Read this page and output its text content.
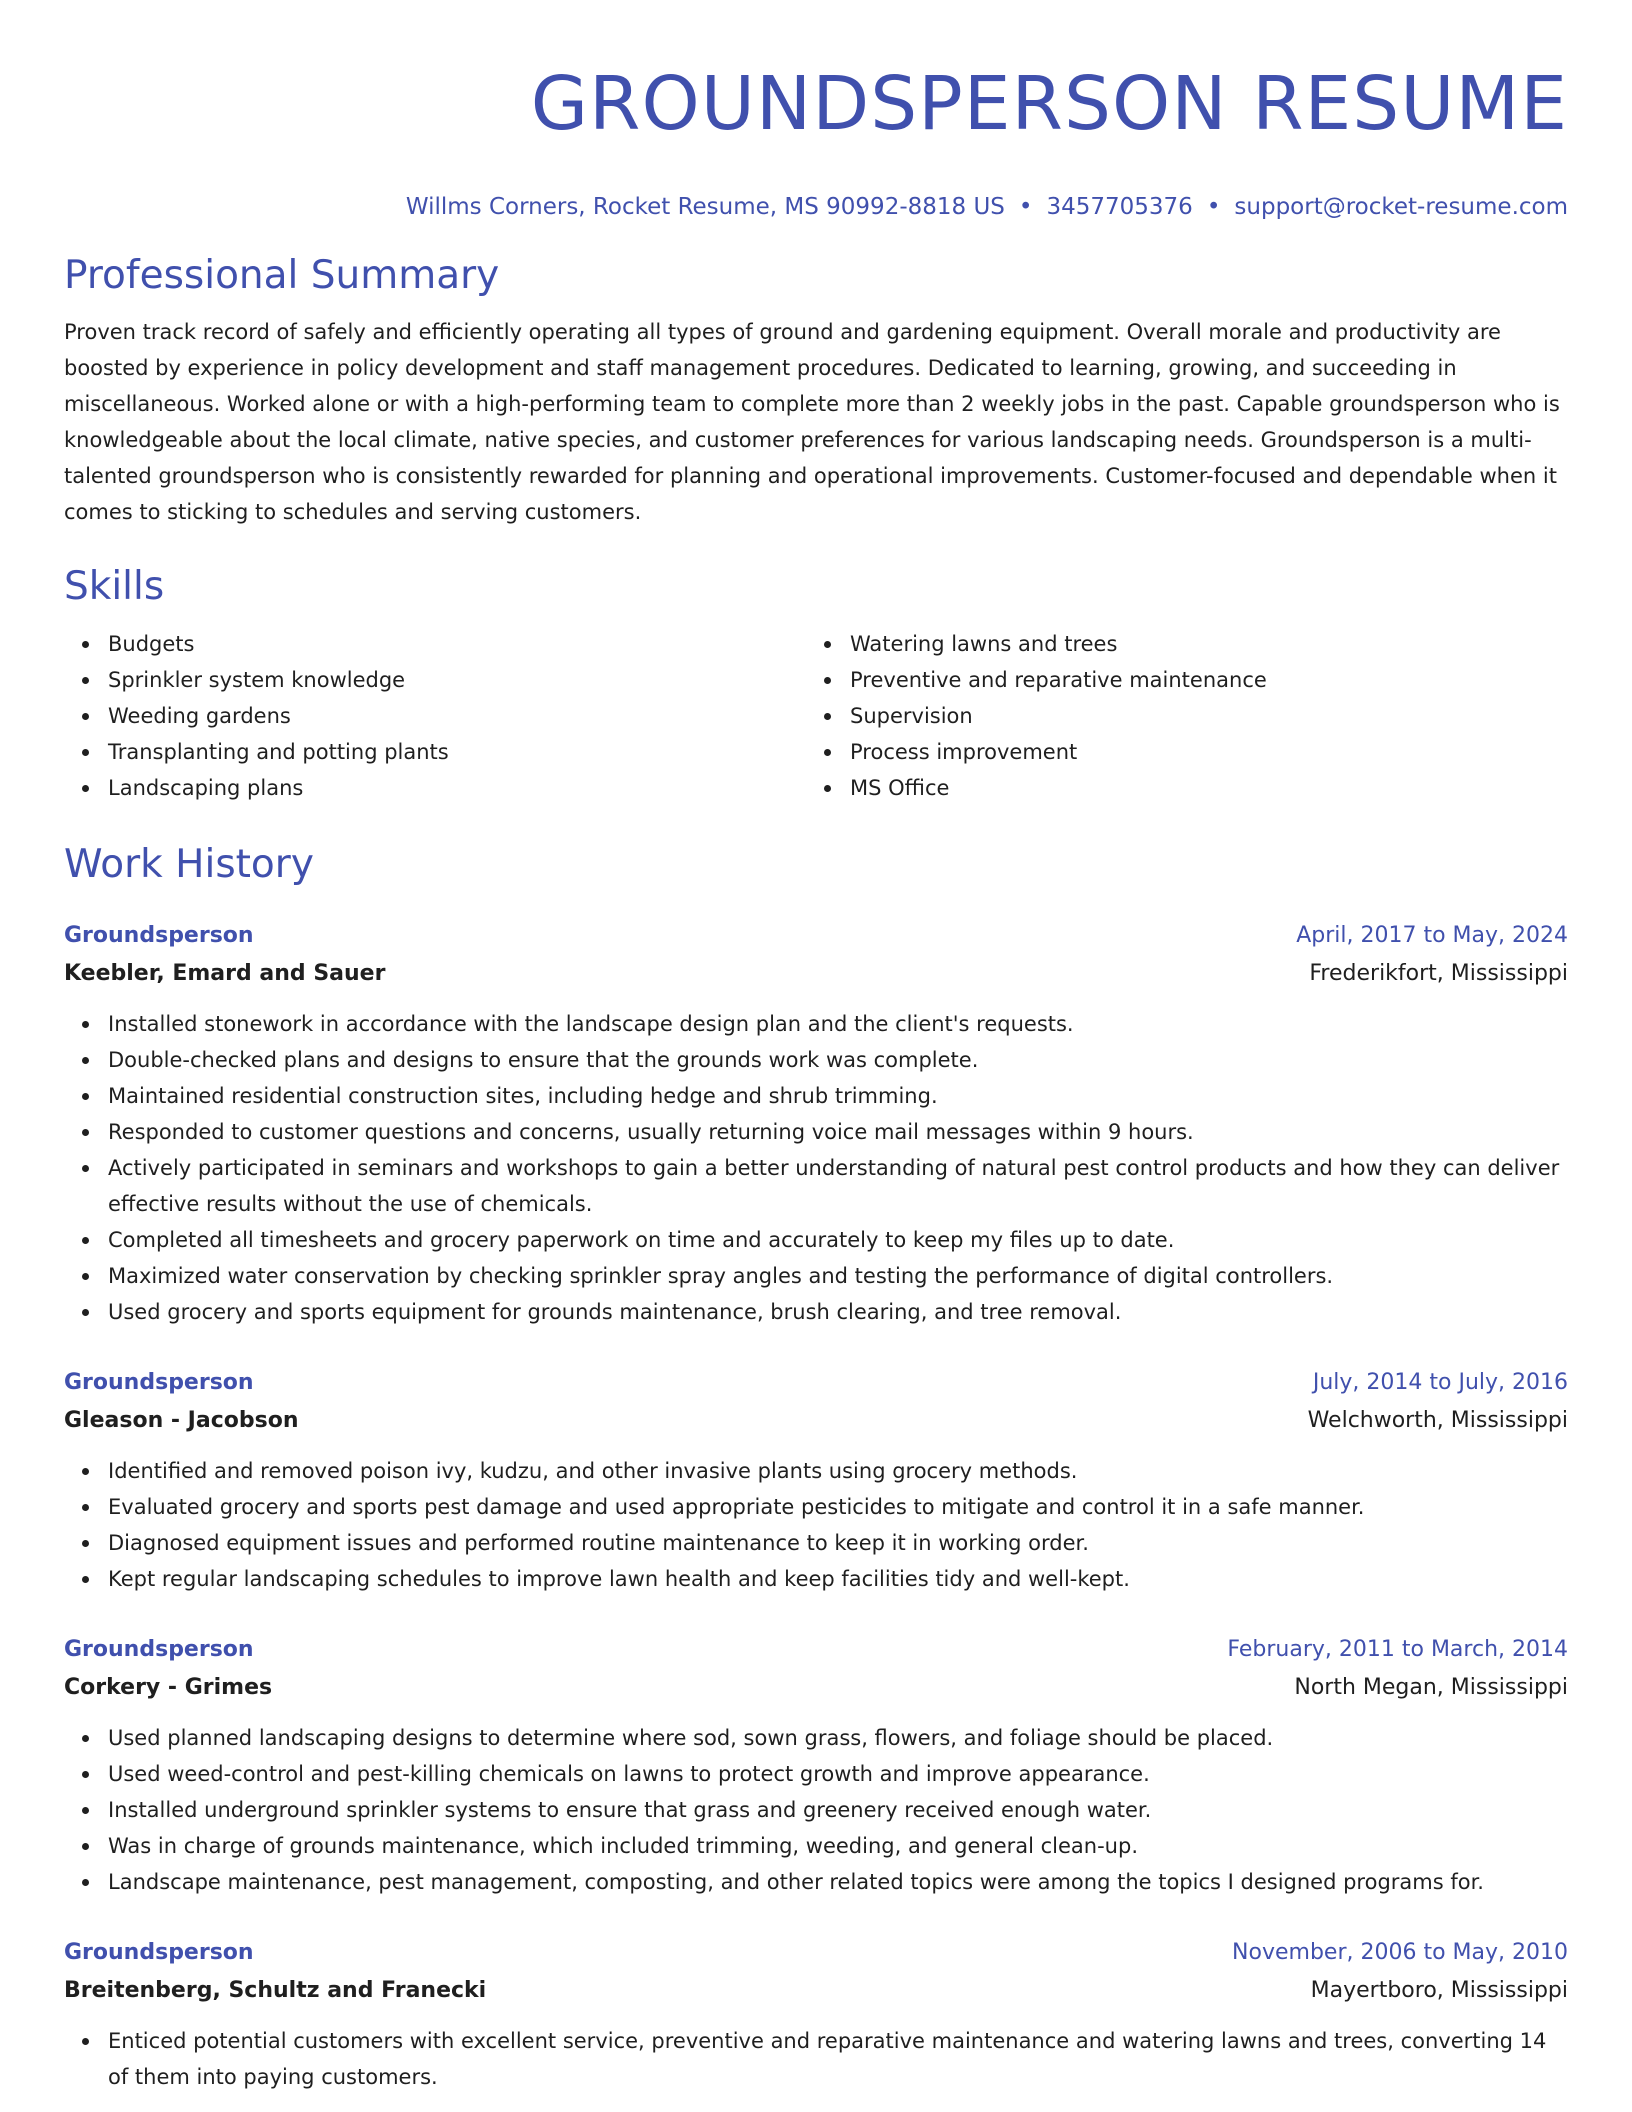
GROUNDSPERSON RESUME
Willms Corners, Rocket Resume, MS 90992-8818 US • 3457705376 • support@rocket-resume.com
Professional Summary
Proven track record of safely and efficiently operating all types of ground and gardening equipment. Overall morale and productivity are boosted by experience in policy development and staff management procedures. Dedicated to learning, growing, and succeeding in miscellaneous. Worked alone or with a high-performing team to complete more than 2 weekly jobs in the past. Capable groundsperson who is knowledgeable about the local climate, native species, and customer preferences for various landscaping needs. Groundsperson is a multi-talented groundsperson who is consistently rewarded for planning and operational improvements. Customer-focused and dependable when it comes to sticking to schedules and serving customers.
Skills
Budgets
Sprinkler system knowledge
Weeding gardens
Transplanting and potting plants
Landscaping plans
Watering lawns and trees
Preventive and reparative maintenance
Supervision
Process improvement
MS Office
Work History
Groundsperson	April, 2017 to May, 2024
Keebler, Emard and Sauer	Frederikfort, Mississippi
Installed stonework in accordance with the landscape design plan and the client's requests.
Double-checked plans and designs to ensure that the grounds work was complete.
Maintained residential construction sites, including hedge and shrub trimming.
Responded to customer questions and concerns, usually returning voice mail messages within 9 hours.
Actively participated in seminars and workshops to gain a better understanding of natural pest control products and how they can deliver effective results without the use of chemicals.
Completed all timesheets and grocery paperwork on time and accurately to keep my files up to date.
Maximized water conservation by checking sprinkler spray angles and testing the performance of digital controllers.
Used grocery and sports equipment for grounds maintenance, brush clearing, and tree removal.
Groundsperson	July, 2014 to July, 2016
Gleason - Jacobson	Welchworth, Mississippi
Identified and removed poison ivy, kudzu, and other invasive plants using grocery methods.
Evaluated grocery and sports pest damage and used appropriate pesticides to mitigate and control it in a safe manner.
Diagnosed equipment issues and performed routine maintenance to keep it in working order.
Kept regular landscaping schedules to improve lawn health and keep facilities tidy and well-kept.
Groundsperson	February, 2011 to March, 2014
Corkery - Grimes	North Megan, Mississippi
Used planned landscaping designs to determine where sod, sown grass, flowers, and foliage should be placed.
Used weed-control and pest-killing chemicals on lawns to protect growth and improve appearance.
Installed underground sprinkler systems to ensure that grass and greenery received enough water.
Was in charge of grounds maintenance, which included trimming, weeding, and general clean-up.
Landscape maintenance, pest management, composting, and other related topics were among the topics I designed programs for.
Groundsperson	November, 2006 to May, 2010
Breitenberg, Schultz and Franecki	Mayertboro, Mississippi
Enticed potential customers with excellent service, preventive and reparative maintenance and watering lawns and trees, converting 14 of them into paying customers.
